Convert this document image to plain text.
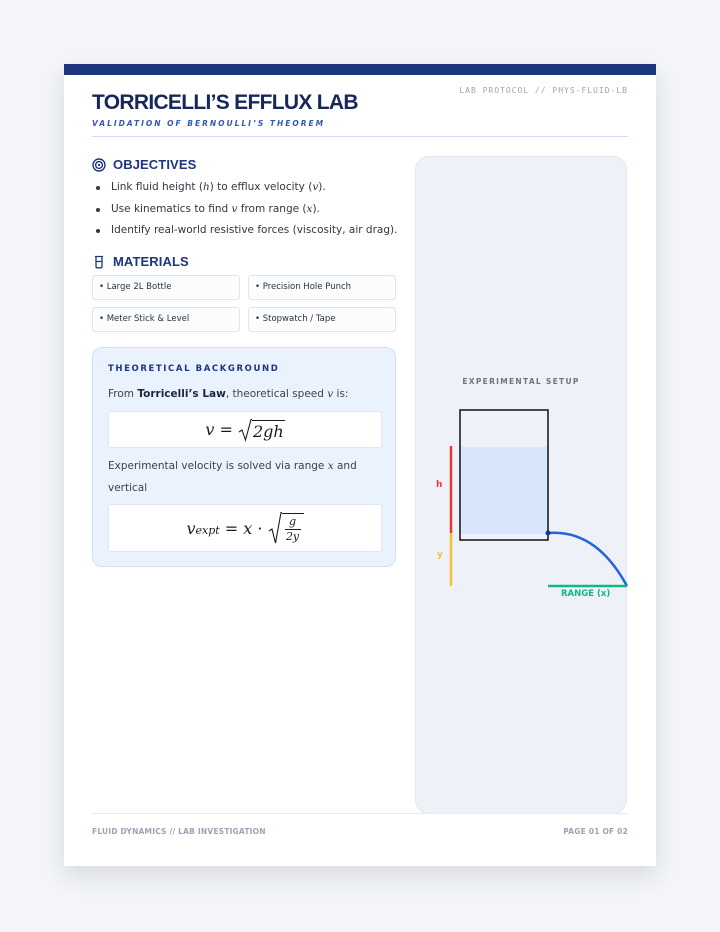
TORRICELLI’S EFFLUX LAB
VALIDATION OF BERNOULLI’S THEOREM
LAB PROTOCOL // PHYS-FLUID-LB
OBJECTIVES
Link fluid height (h) to efflux velocity (v).
Use kinematics to find v from range (x).
Identify real-world resistive forces (viscosity, air drag).
MATERIALS
• Large 2L Bottle	• Precision Hole Punch
• Meter Stick & Level	• Stopwatch / Tape
THEORETICAL BACKGROUND
From Torricelli’s Law, theoretical speed v is:
v = 2gh
Experimental velocity is solved via range x and vertical
$v_{expt} = x \cdot g$
2y
EXPERIMENTAL SETUP
h
y
RANGE (x)
FLUID DYNAMICS // LAB INVESTIGATION	PAGE 01 OF 02
